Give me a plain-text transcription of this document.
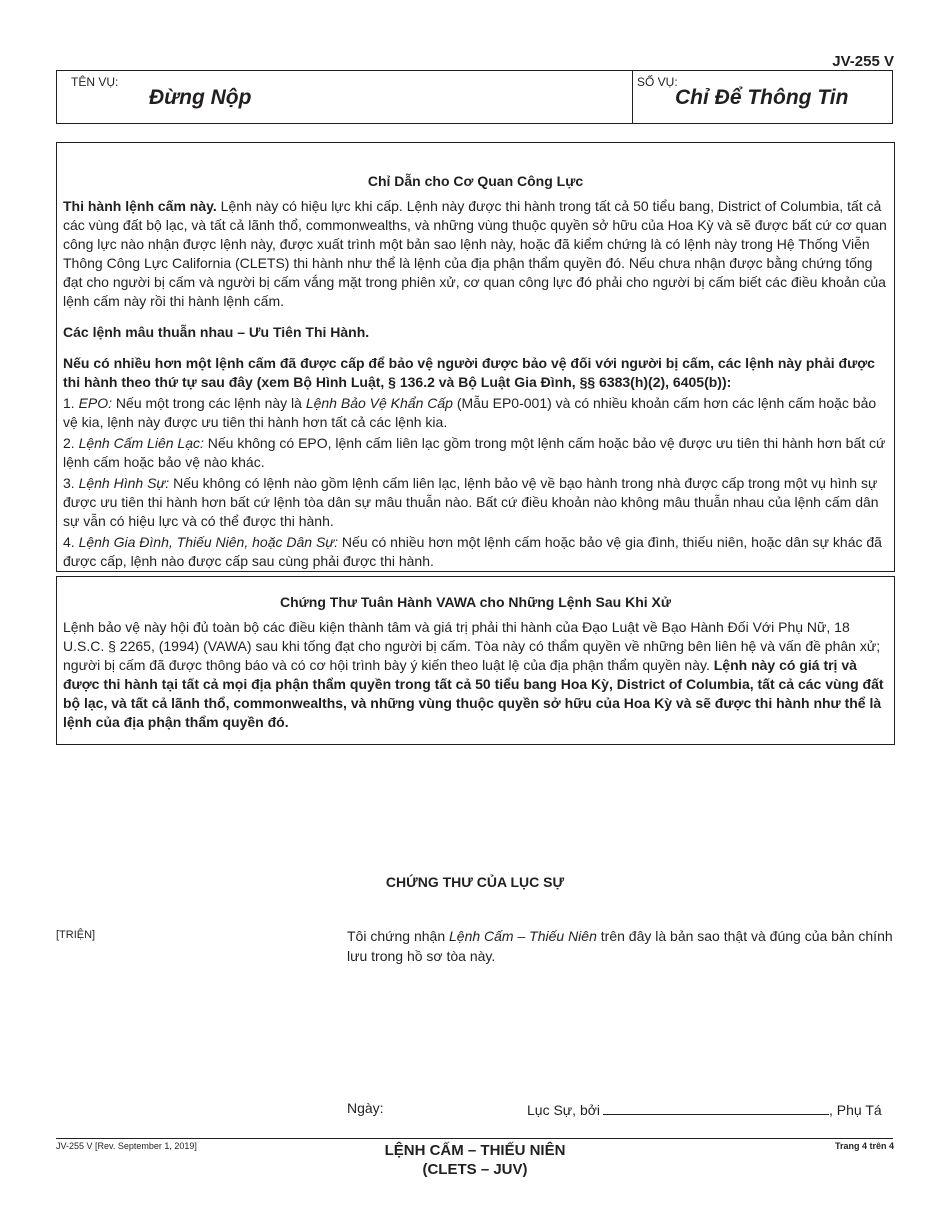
JV-255 V
TÊN VỤ:
Đừng Nộp
SỐ VỤ:
Chỉ Để Thông Tin
Chỉ Dẫn cho Cơ Quan Công Lực

Thi hành lệnh cấm này. Lệnh này có hiệu lực khi cấp. Lệnh này được thi hành trong tất cả 50 tiểu bang, District of Columbia, tất cả các vùng đất bộ lạc, và tất cả lãnh thổ, commonwealths, và những vùng thuộc quyền sở hữu của Hoa Kỳ và sẽ được bất cứ cơ quan công lực nào nhận được lệnh này, được xuất trình một bản sao lệnh này, hoặc đã kiểm chứng là có lệnh này trong Hệ Thống Viễn Thông Công Lực California (CLETS) thi hành như thể là lệnh của địa phận thẩm quyền đó. Nếu chưa nhận được bằng chứng tống đạt cho người bị cấm và người bị cấm vắng mặt trong phiên xử, cơ quan công lực đó phải cho người bị cấm biết các điều khoản của lệnh cấm này rồi thi hành lệnh cấm.

Các lệnh mâu thuẫn nhau – Ưu Tiên Thi Hành.

Nếu có nhiều hơn một lệnh cấm đã được cấp để bảo vệ người được bảo vệ đối với người bị cấm, các lệnh này phải được thi hành theo thứ tự sau đây (xem Bộ Hình Luật, § 136.2 và Bộ Luật Gia Đình, §§ 6383(h)(2), 6405(b)):

1. EPO: Nếu một trong các lệnh này là Lệnh Bảo Vệ Khẩn Cấp (Mẫu EP0-001) và có nhiều khoản cấm hơn các lệnh cấm hoặc bảo vệ kia, lệnh này được ưu tiên thi hành hơn tất cả các lệnh kia.

2. Lệnh Cấm Liên Lạc: Nếu không có EPO, lệnh cấm liên lạc gồm trong một lệnh cấm hoặc bảo vệ được ưu tiên thi hành hơn bất cứ lệnh cấm hoặc bảo vệ nào khác.

3. Lệnh Hình Sự: Nếu không có lệnh nào gồm lệnh cấm liên lạc, lệnh bảo vệ về bạo hành trong nhà được cấp trong một vụ hình sự được ưu tiên thi hành hơn bất cứ lệnh tòa dân sự mâu thuẫn nào. Bất cứ điều khoản nào không mâu thuẫn nhau của lệnh cấm dân sự vẫn có hiệu lực và có thể được thi hành.

4. Lệnh Gia Đình, Thiếu Niên, hoặc Dân Sự: Nếu có nhiều hơn một lệnh cấm hoặc bảo vệ gia đình, thiếu niên, hoặc dân sự khác đã được cấp, lệnh nào được cấp sau cùng phải được thi hành.

Chứng Thư Tuân Hành VAWA cho Những Lệnh Sau Khi Xử

Lệnh bảo vệ này hội đủ toàn bộ các điều kiện thành tâm và giá trị phải thi hành của Đạo Luật về Bạo Hành Đối Với Phụ Nữ, 18 U.S.C. § 2265, (1994) (VAWA) sau khi tống đạt cho người bị cấm. Tòa này có thẩm quyền về những bên liên hệ và vấn đề phân xử; người bị cấm đã được thông báo và có cơ hội trình bày ý kiến theo luật lệ của địa phận thẩm quyền này. Lệnh này có giá trị và được thi hành tại tất cả mọi địa phận thẩm quyền trong tất cả 50 tiểu bang Hoa Kỳ, District of Columbia, tất cả các vùng đất bộ lạc, và tất cả lãnh thổ, commonwealths, và những vùng thuộc quyền sở hữu của Hoa Kỳ và sẽ được thi hành như thể là lệnh của địa phận thẩm quyền đó.

CHỨNG THƯ CỦA LỤC SỰ
[TRIỆN]	Tôi chứng nhận Lệnh Cấm – Thiếu Niên trên đây là bản sao thật và đúng của bản chính lưu trong hồ sơ tòa này.

Ngày:	Lục Sự, bởi	, Phụ Tá
JV-255 V [Rev. September 1, 2019]	LỆNH CẤM – THIẾU NIÊN
(CLETS – JUV)
Trang 4 trên 4
